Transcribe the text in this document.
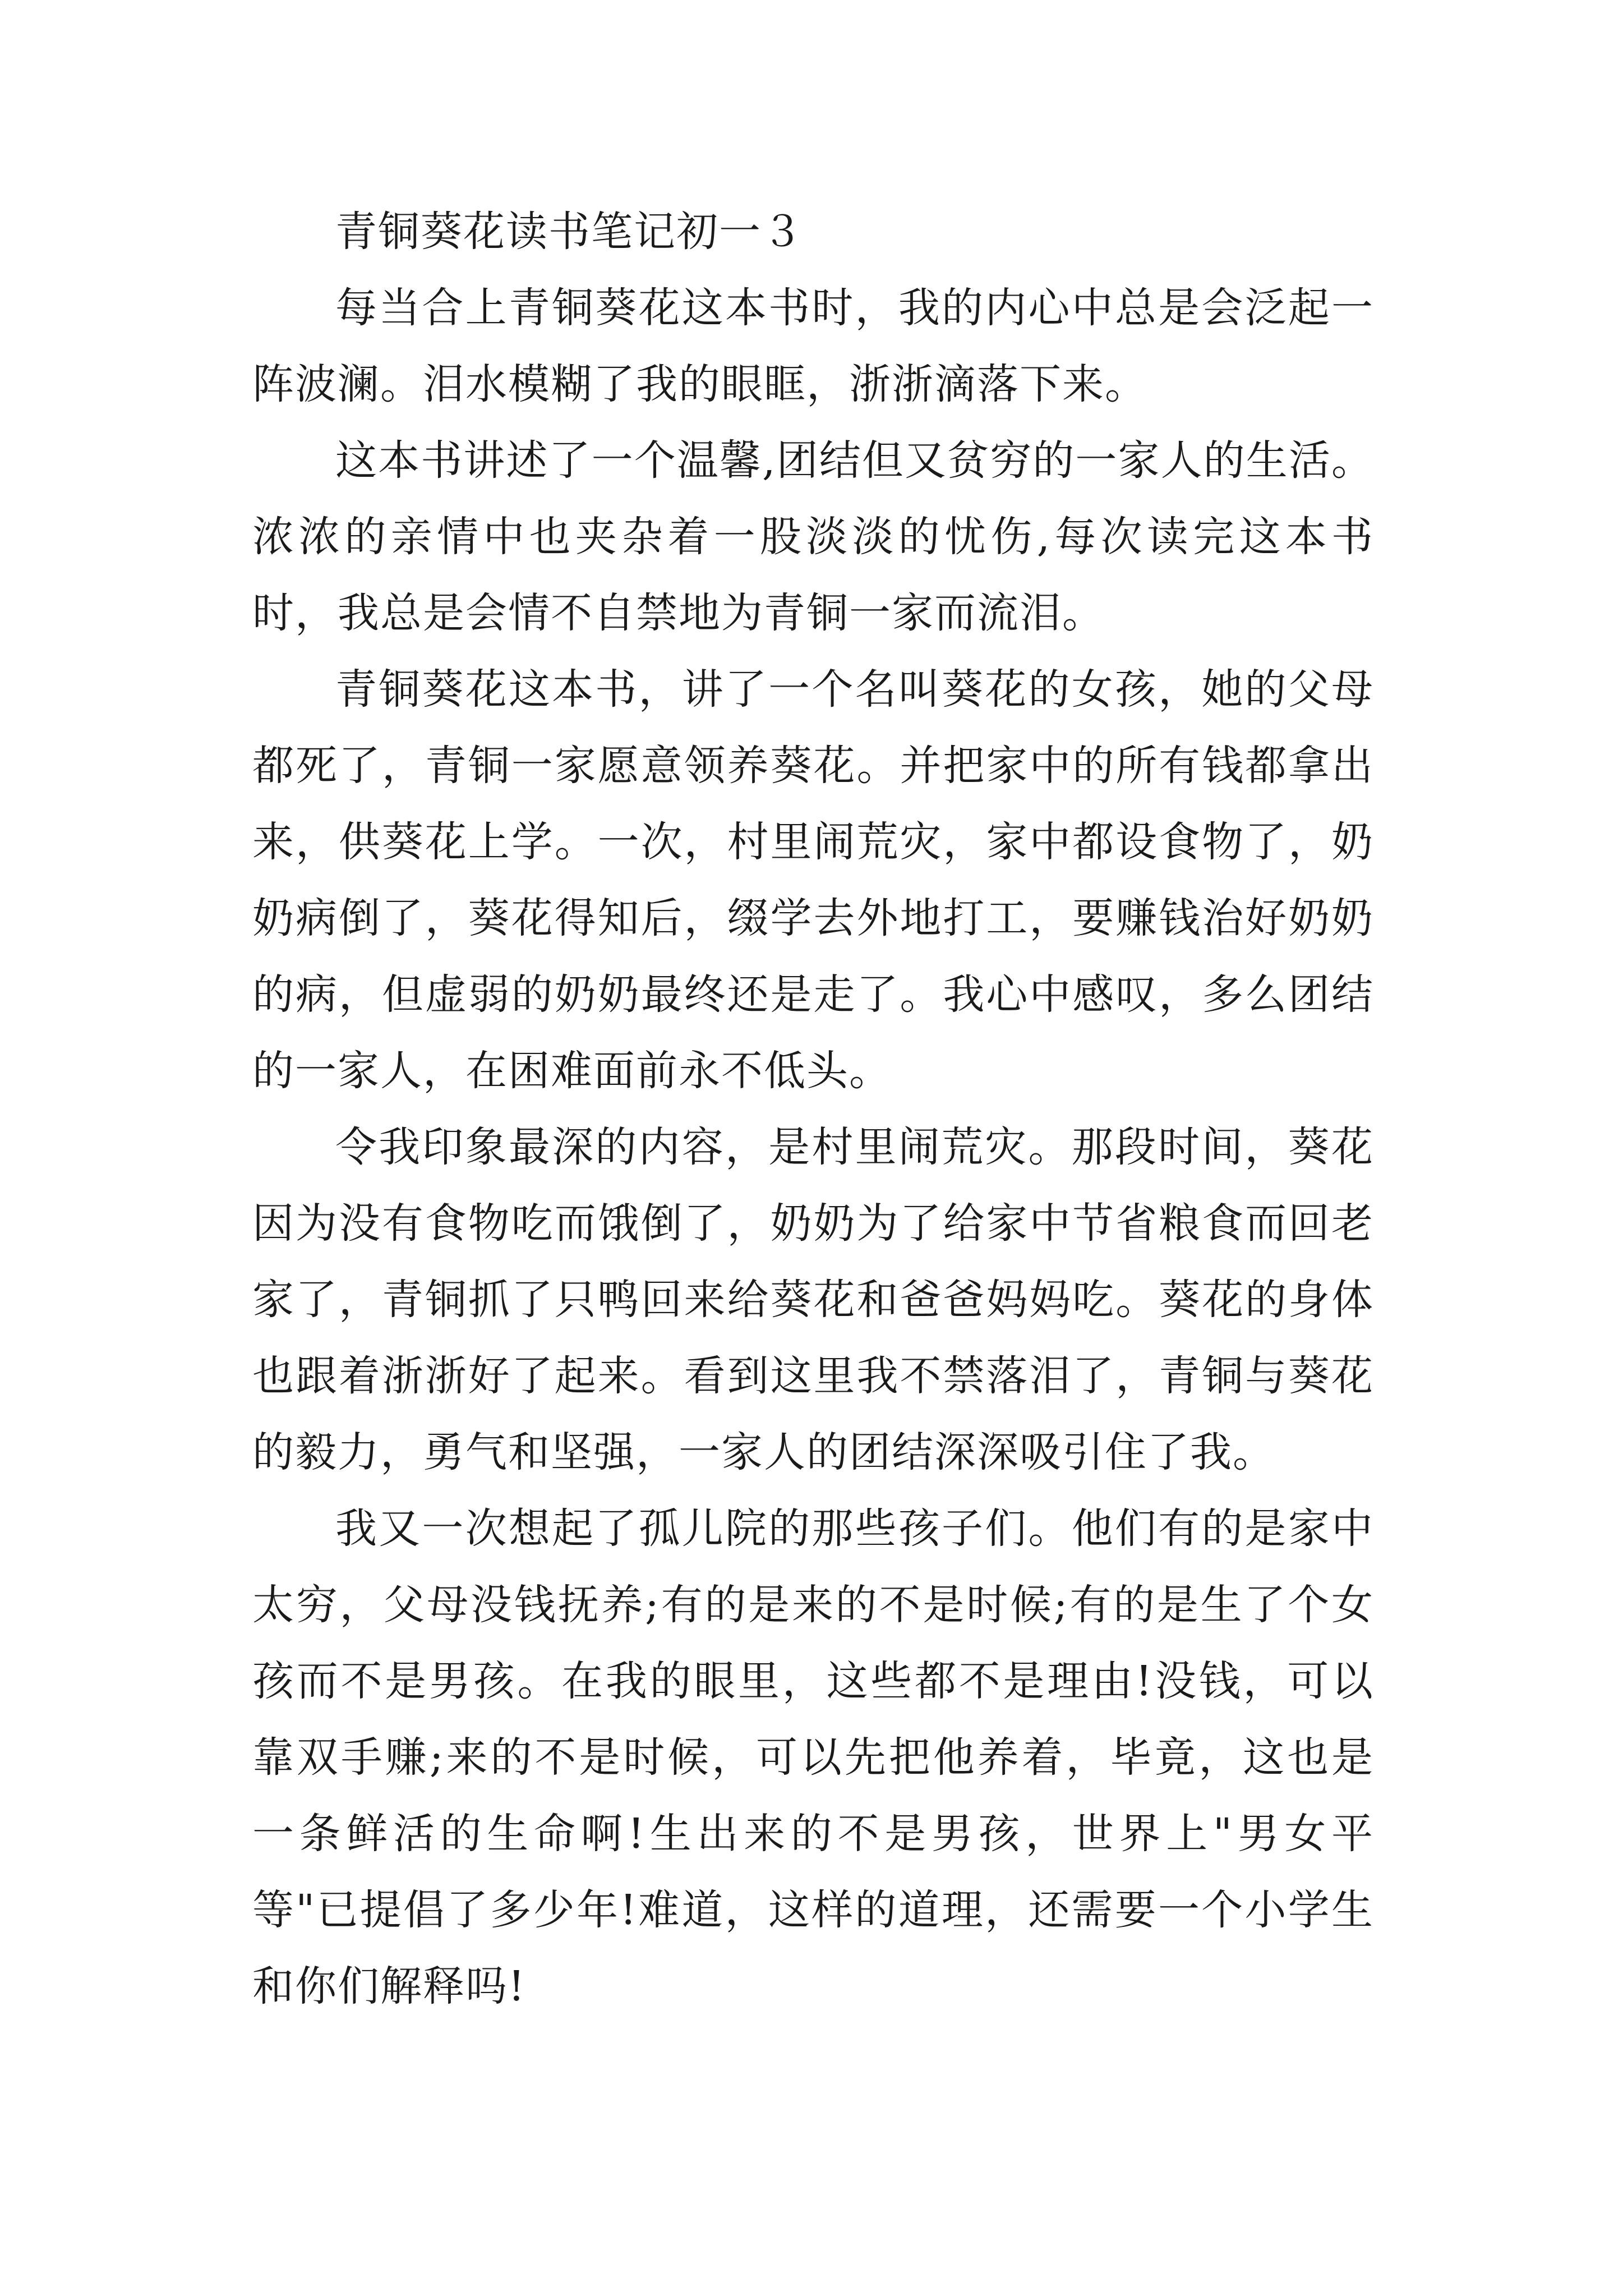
青铜葵花读书笔记初一３

每当合上青铜葵花这本书时，我的内心中总是会泛起一阵波澜。泪水模糊了我的眼眶，浙浙滴落下来。

这本书讲述了一个温馨,团结但又贫穷的一家人的生活。浓浓的亲情中也夹杂着一股淡淡的忧伤,每次读完这本书时，我总是会情不自禁地为青铜一家而流泪。

青铜葵花这本书，讲了一个名叫葵花的女孩，她的父母都死了，青铜一家愿意领养葵花。并把家中的所有钱都拿出来，供葵花上学。一次，村里闹荒灾，家中都设食物了，奶奶病倒了，葵花得知后，缀学去外地打工，要赚钱治好奶奶的病，但虚弱的奶奶最终还是走了。我心中感叹，多么团结的一家人，在困难面前永不低头。

令我印象最深的内容，是村里闹荒灾。那段时间，葵花因为没有食物吃而饿倒了，奶奶为了给家中节省粮食而回老家了，青铜抓了只鸭回来给葵花和爸爸妈妈吃。葵花的身体也跟着浙浙好了起来。看到这里我不禁落泪了，青铜与葵花的毅力，勇气和坚强，一家人的团结深深吸引住了我。

我又一次想起了孤儿院的那些孩子们。他们有的是家中太穷，父母没钱抚养;有的是来的不是时候;有的是生了个女孩而不是男孩。在我的眼里，这些都不是理由!没钱，可以靠双手赚;来的不是时候，可以先把他养着，毕竟，这也是一条鲜活的生命啊!生出来的不是男孩，世界上"男女平等"已提倡了多少年!难道，这样的道理，还需要一个小学生和你们解释吗!
